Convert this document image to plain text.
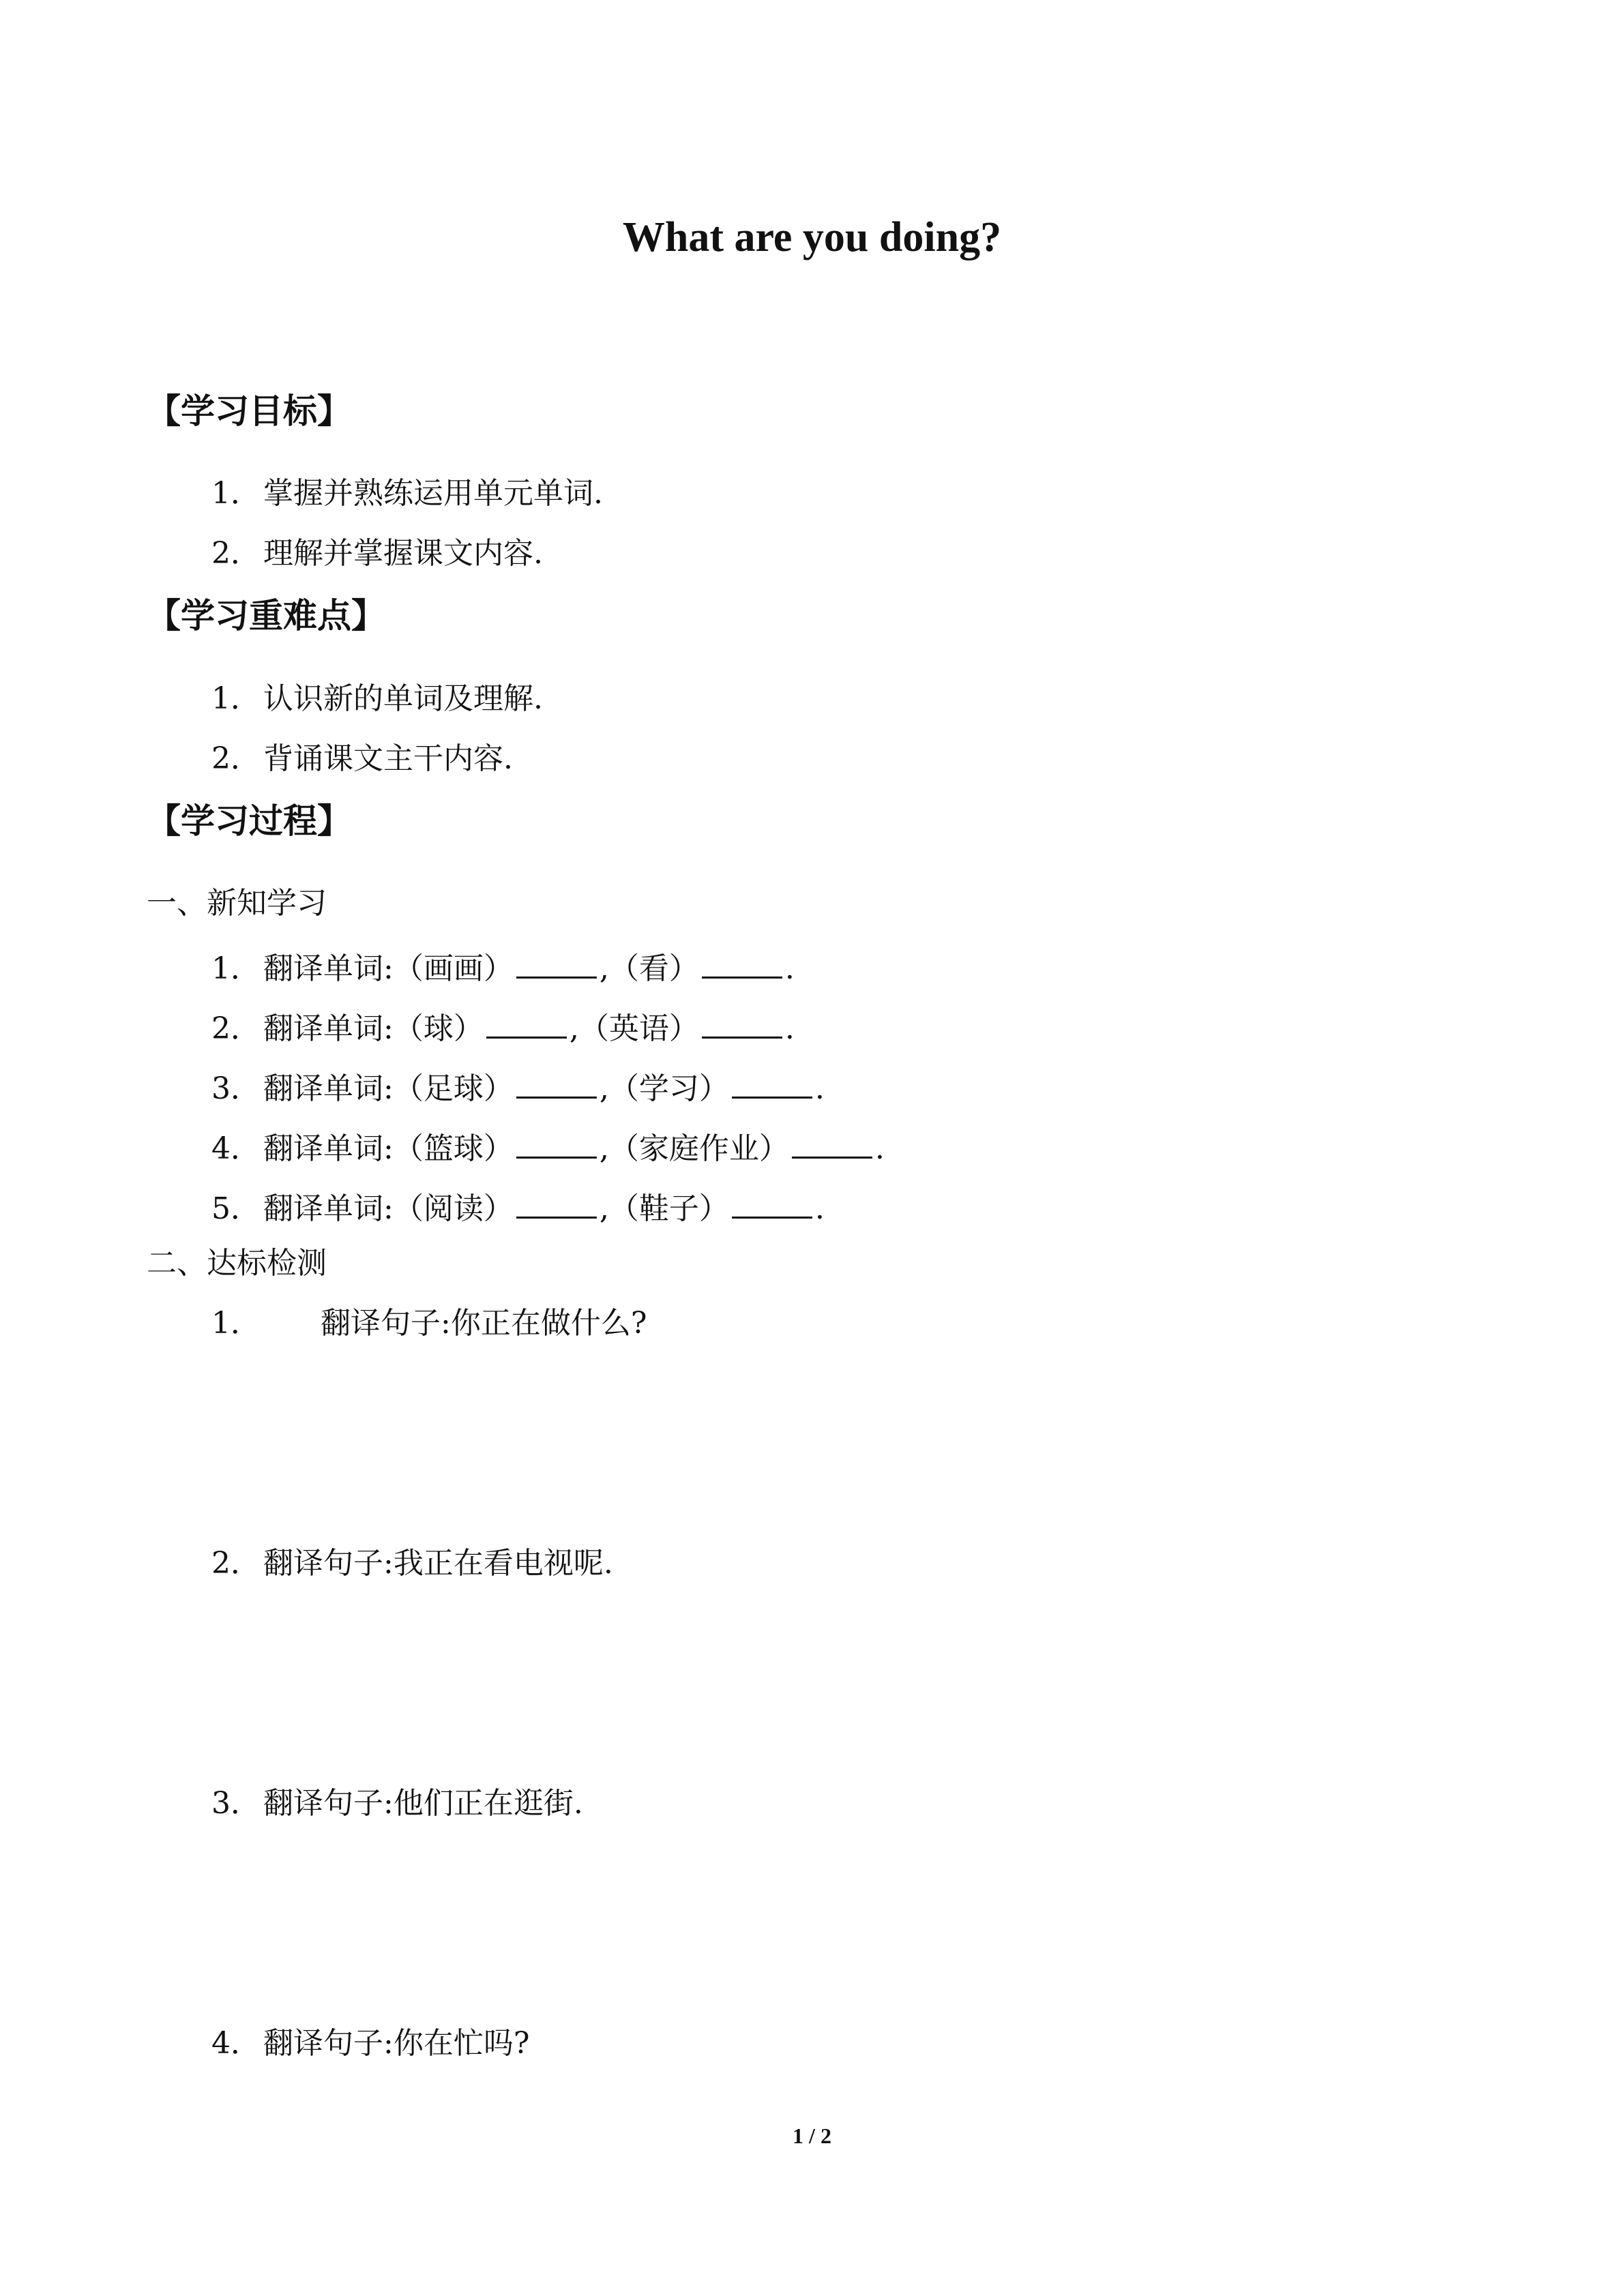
What are you doing?
【学习目标】
1．掌握并熟练运用单元单词.
2．理解并掌握课文内容.
【学习重难点】
1．认识新的单词及理解.
2．背诵课文主干内容.
【学习过程】
一、新知学习
1．翻译单词:（画画）	,（看）	.
2．翻译单词:（球）	,（英语）	.
3．翻译单词:（足球）	,（学习）	.
4．翻译单词:（篮球）	,（家庭作业）	.
5．翻译单词:（阅读）	,（鞋子）	.
二、达标检测
1． 翻译句子:你正在做什么?
2．翻译句子:我正在看电视呢.
3．翻译句子:他们正在逛街.
4．翻译句子:你在忙吗?
1 / 2
